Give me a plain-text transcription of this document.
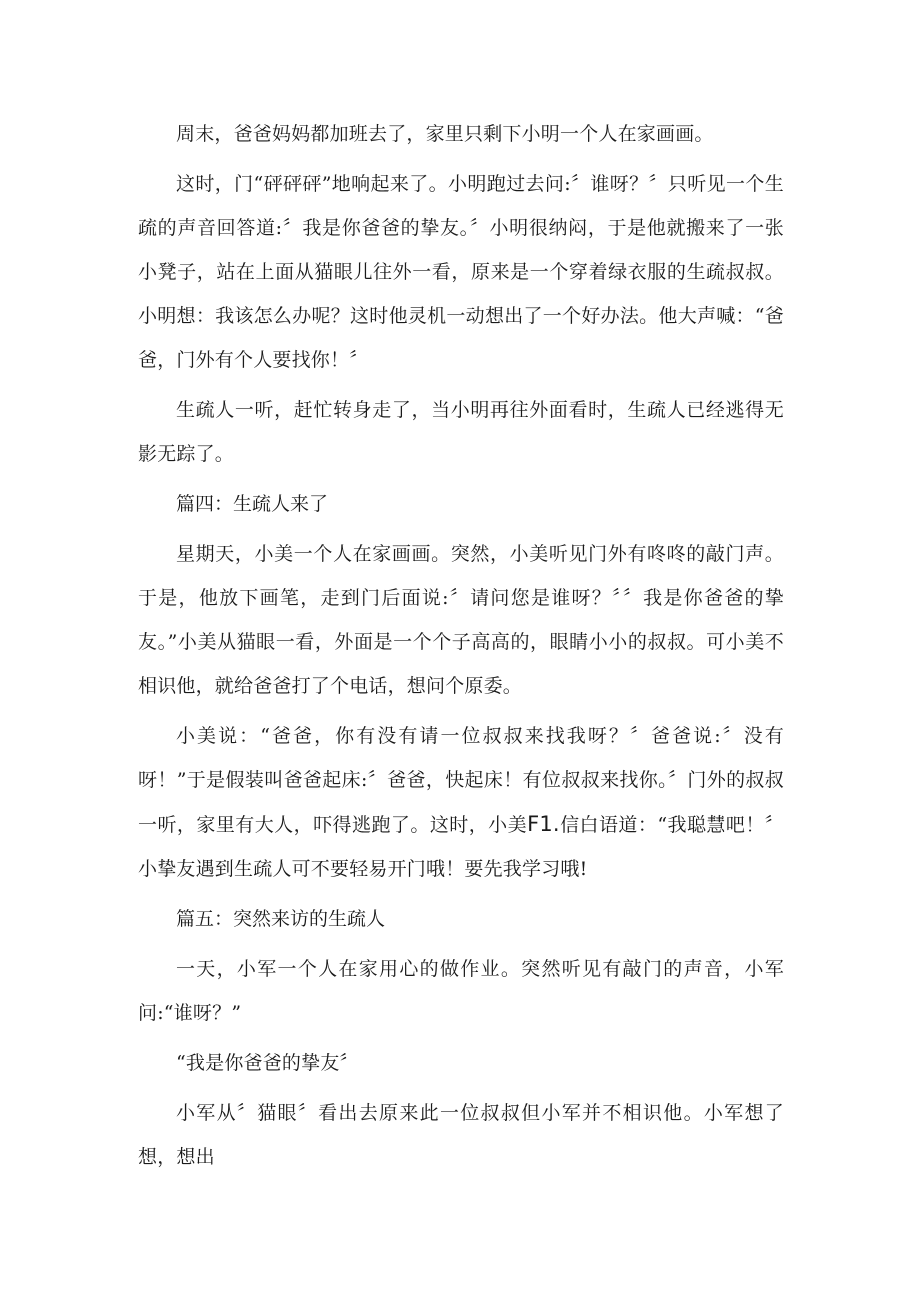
周末，爸爸妈妈都加班去了，家里只剩下小明一个人在家画画。

这时，门“砰砰砰”地响起来了。小明跑过去问:〞谁呀？〞只听见一个生疏的声音回答道:〞我是你爸爸的挚友。〞小明很纳闷，于是他就搬来了一张小凳子，站在上面从猫眼儿往外一看，原来是一个穿着绿衣服的生疏叔叔。小明想：我该怎么办呢？这时他灵机一动想出了一个好办法。他大声喊：“爸爸，门外有个人要找你！〞

生疏人一听，赶忙转身走了，当小明再往外面看时，生疏人已经逃得无影无踪了。

篇四：生疏人来了

星期天，小美一个人在家画画。突然，小美听见门外有咚咚的敲门声。于是，他放下画笔，走到门后面说:〞请问您是谁呀？〞〞我是你爸爸的挚友。”小美从猫眼一看，外面是一个个子高高的，眼睛小小的叔叔。可小美不相识他，就给爸爸打了个电话，想问个原委。

小美说：“爸爸，你有没有请一位叔叔来找我呀？〞爸爸说:〞没有呀！”于是假装叫爸爸起床:〞爸爸，快起床！有位叔叔来找你。〞门外的叔叔一听，家里有大人，吓得逃跑了。这时，小美F1.信白语道：“我聪慧吧！〞小挚友遇到生疏人可不要轻易开门哦！要先我学习哦!

篇五：突然来访的生疏人

一天，小军一个人在家用心的做作业。突然听见有敲门的声音，小军问:“谁呀？”

“我是你爸爸的挚友〞

小军从〞猫眼〞看出去原来此一位叔叔但小军并不相识他。小军想了想，想出
